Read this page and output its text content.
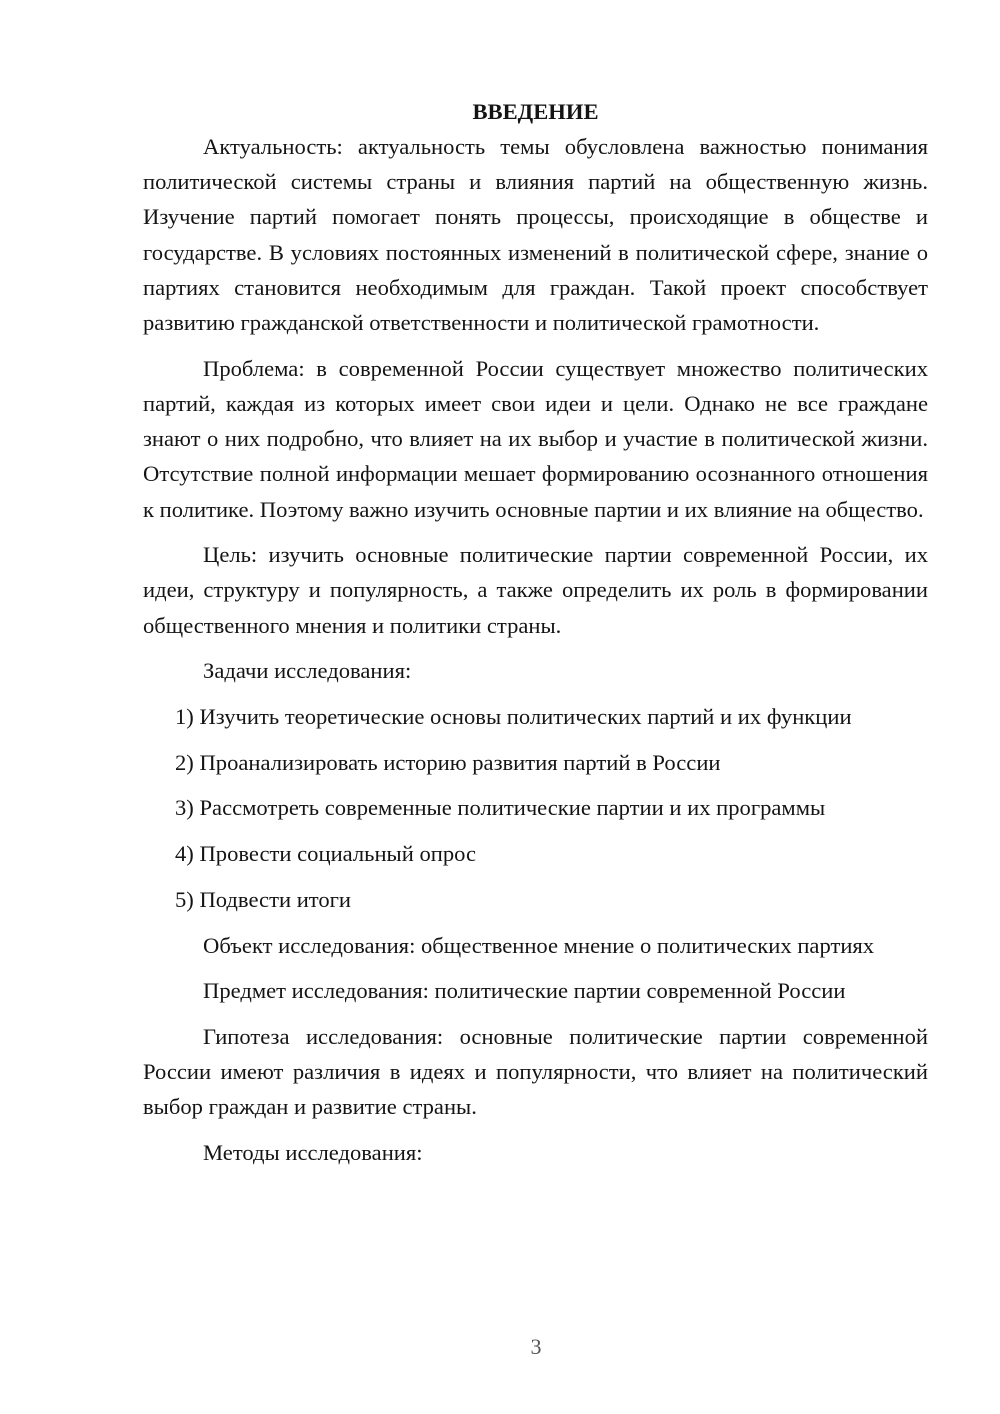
ВВЕДЕНИЕ

Актуальность: актуальность темы обусловлена важностью понимания политической системы страны и влияния партий на общественную жизнь. Изучение партий помогает понять процессы, происходящие в обществе и государстве. В условиях постоянных изменений в политической сфере, знание о партиях становится необходимым для граждан. Такой проект способствует развитию гражданской ответственности и политической грамотности.

Проблема: в современной России существует множество политических партий, каждая из которых имеет свои идеи и цели. Однако не все граждане знают о них подробно, что влияет на их выбор и участие в политической жизни. Отсутствие полной информации мешает формированию осознанного отношения к политике. Поэтому важно изучить основные партии и их влияние на общество.

Цель: изучить основные политические партии современной России, их идеи, структуру и популярность, а также определить их роль в формировании общественного мнения и политики страны.

Задачи исследования:

1) Изучить теоретические основы политических партий и их функции

2) Проанализировать историю развития партий в России

3) Рассмотреть современные политические партии и их программы

4) Провести социальный опрос

5) Подвести итоги

Объект исследования: общественное мнение о политических партиях

Предмет исследования: политические партии современной России

Гипотеза исследования: основные политические партии современной России имеют различия в идеях и популярности, что влияет на политический выбор граждан и развитие страны.

Методы исследования:

3
